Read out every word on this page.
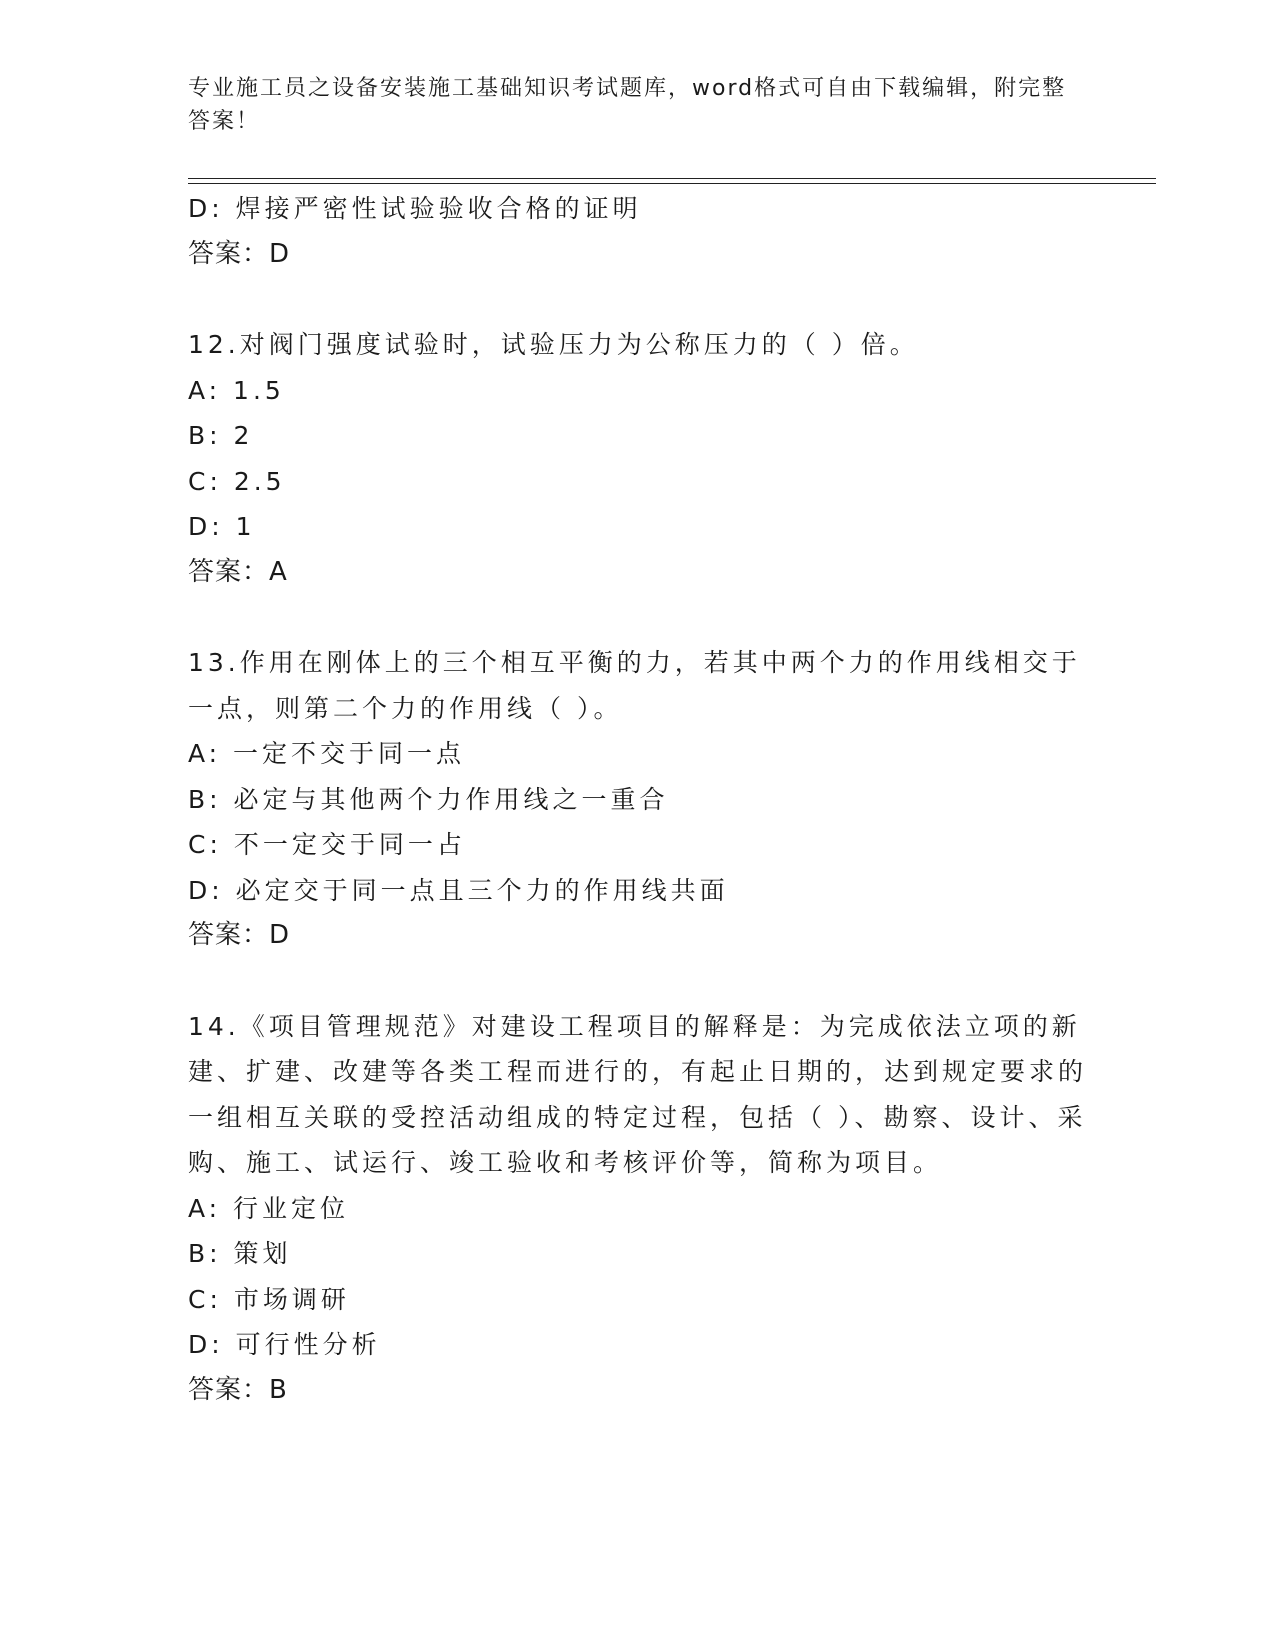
专业施工员之设备安装施工基础知识考试题库，word格式可自由下载编辑，附完整答案！
D: 焊接严密性试验验收合格的证明
答案：D
12.对阀门强度试验时，试验压力为公称压力的（ ）倍。
A: 1.5
B: 2
C: 2.5
D: 1
答案：A
13.作用在刚体上的三个相互平衡的力，若其中两个力的作用线相交于一点，则第二个力的作用线（ ）。
A: 一定不交于同一点
B: 必定与其他两个力作用线之一重合
C: 不一定交于同一占
D: 必定交于同一点且三个力的作用线共面
答案：D
14.《项目管理规范》对建设工程项目的解释是：为完成依法立项的新建、扩建、改建等各类工程而进行的，有起止日期的，达到规定要求的一组相互关联的受控活动组成的特定过程，包括（ ）、勘察、设计、采购、施工、试运行、竣工验收和考核评价等，简称为项目。
A: 行业定位
B: 策划
C: 市场调研
D: 可行性分析
答案：B
